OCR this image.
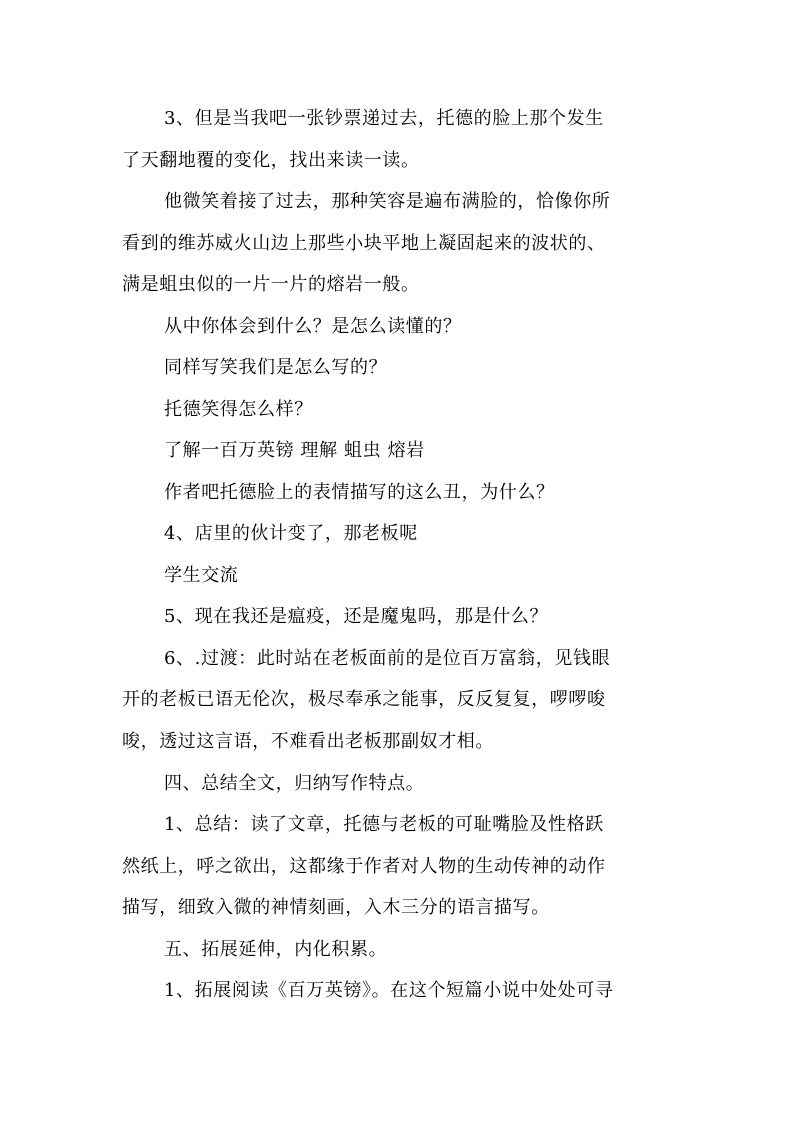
3、但是当我吧一张钞票递过去，托德的脸上那个发生
了天翻地覆的变化，找出来读一读。
他微笑着接了过去，那种笑容是遍布满脸的，恰像你所
看到的维苏威火山边上那些小块平地上凝固起来的波状的、
满是蛆虫似的一片一片的熔岩一般。
从中你体会到什么？是怎么读懂的？
同样写笑我们是怎么写的？
托德笑得怎么样？
了解一百万英镑 理解 蛆虫 熔岩
作者吧托德脸上的表情描写的这么丑，为什么？
4、店里的伙计变了，那老板呢
学生交流
5、现在我还是瘟疫，还是魔鬼吗，那是什么？
6、.过渡：此时站在老板面前的是位百万富翁，见钱眼
开的老板已语无伦次，极尽奉承之能事，反反复复，啰啰唆
唆，透过这言语，不难看出老板那副奴才相。
四、总结全文，归纳写作特点。
1、总结：读了文章，托德与老板的可耻嘴脸及性格跃
然纸上，呼之欲出，这都缘于作者对人物的生动传神的动作
描写，细致入微的神情刻画，入木三分的语言描写。
五、拓展延伸，内化积累。
1、拓展阅读《百万英镑》。在这个短篇小说中处处可寻
